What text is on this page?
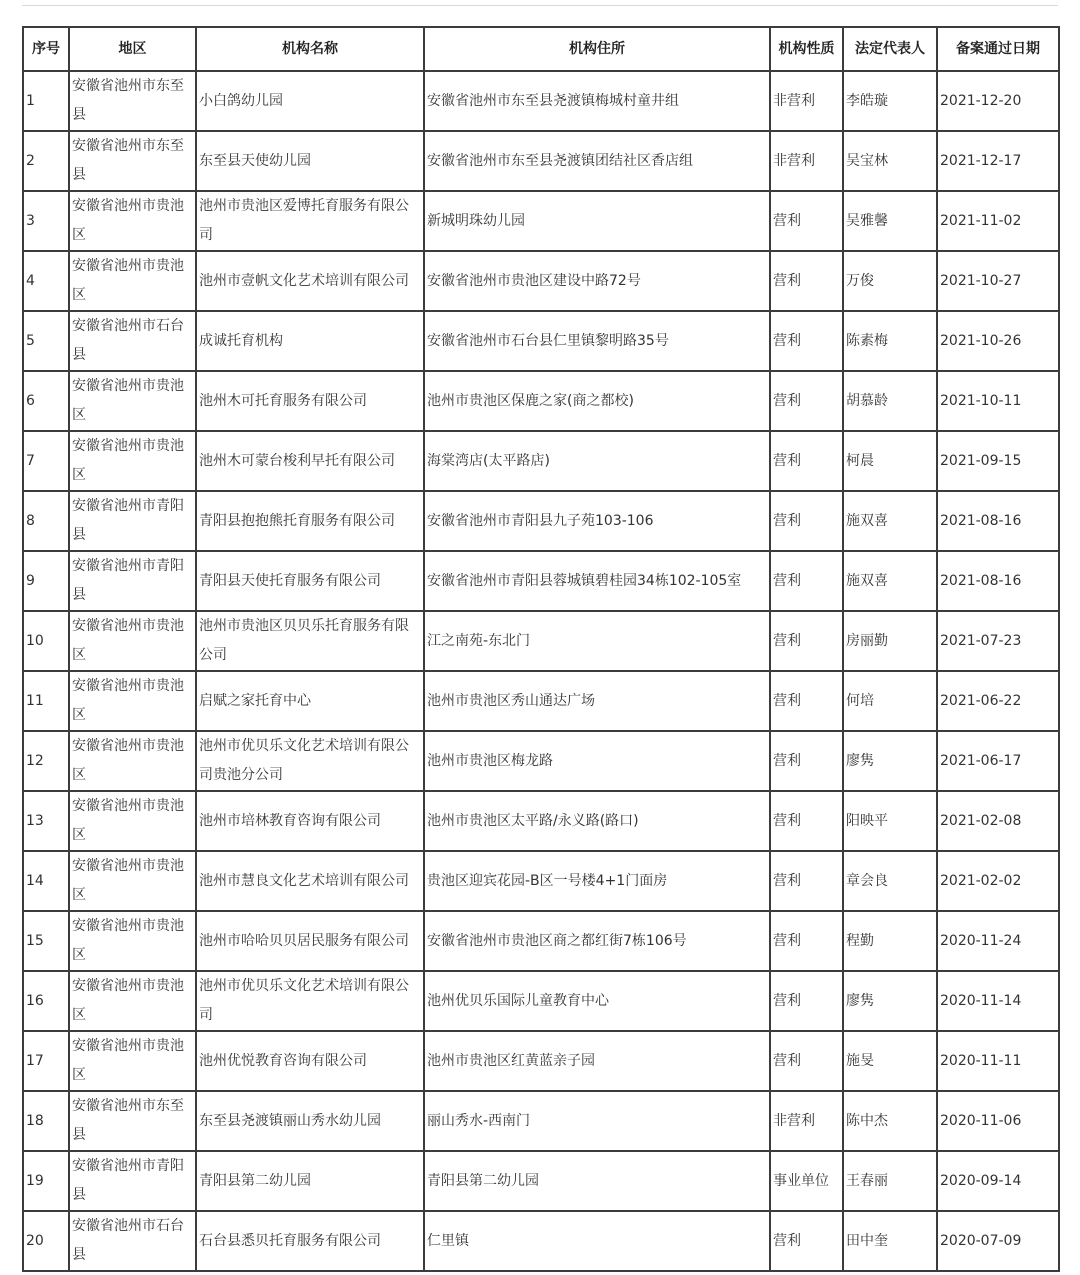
序号	地区	机构名称	机构住所	机构性质	法定代表人	备案通过日期
1	安徽省池州市东至县	小白鸽幼儿园	安徽省池州市东至县尧渡镇梅城村童井组	非营利	李皓璇	2021-12-20
2	安徽省池州市东至县	东至县天使幼儿园	安徽省池州市东至县尧渡镇团结社区香店组	非营利	吴宝林	2021-12-17
3	安徽省池州市贵池区	池州市贵池区爱博托育服务有限公司	新城明珠幼儿园	营利	吴雅馨	2021-11-02
4	安徽省池州市贵池区	池州市壹帆文化艺术培训有限公司	安徽省池州市贵池区建设中路72号	营利	万俊	2021-10-27
5	安徽省池州市石台县	成诚托育机构	安徽省池州市石台县仁里镇黎明路35号	营利	陈素梅	2021-10-26
6	安徽省池州市贵池区	池州木可托育服务有限公司	池州市贵池区保鹿之家(商之都校)	营利	胡慕龄	2021-10-11
7	安徽省池州市贵池区	池州木可蒙台梭利早托有限公司	海棠湾店(太平路店)	营利	柯晨	2021-09-15
8	安徽省池州市青阳县	青阳县抱抱熊托育服务有限公司	安徽省池州市青阳县九子苑103-106	营利	施双喜	2021-08-16
9	安徽省池州市青阳县	青阳县天使托育服务有限公司	安徽省池州市青阳县蓉城镇碧桂园34栋102-105室	营利	施双喜	2021-08-16
10	安徽省池州市贵池区	池州市贵池区贝贝乐托育服务有限公司	江之南苑-东北门	营利	房丽勤	2021-07-23
11	安徽省池州市贵池区	启赋之家托育中心	池州市贵池区秀山通达广场	营利	何培	2021-06-22
12	安徽省池州市贵池区	池州市优贝乐文化艺术培训有限公司贵池分公司	池州市贵池区梅龙路	营利	廖隽	2021-06-17
13	安徽省池州市贵池区	池州市培林教育咨询有限公司	池州市贵池区太平路/永义路(路口)	营利	阳映平	2021-02-08
14	安徽省池州市贵池区	池州市慧良文化艺术培训有限公司	贵池区迎宾花园-B区一号楼4+1门面房	营利	章会良	2021-02-02
15	安徽省池州市贵池区	池州市哈哈贝贝居民服务有限公司	安徽省池州市贵池区商之都红街7栋106号	营利	程勤	2020-11-24
16	安徽省池州市贵池区	池州市优贝乐文化艺术培训有限公司	池州优贝乐国际儿童教育中心	营利	廖隽	2020-11-14
17	安徽省池州市贵池区	池州优悦教育咨询有限公司	池州市贵池区红黄蓝亲子园	营利	施旻	2020-11-11
18	安徽省池州市东至县	东至县尧渡镇丽山秀水幼儿园	丽山秀水-西南门	非营利	陈中杰	2020-11-06
19	安徽省池州市青阳县	青阳县第二幼儿园	青阳县第二幼儿园	事业单位	王春丽	2020-09-14
20	安徽省池州市石台县	石台县悉贝托育服务有限公司	仁里镇	营利	田中奎	2020-07-09
